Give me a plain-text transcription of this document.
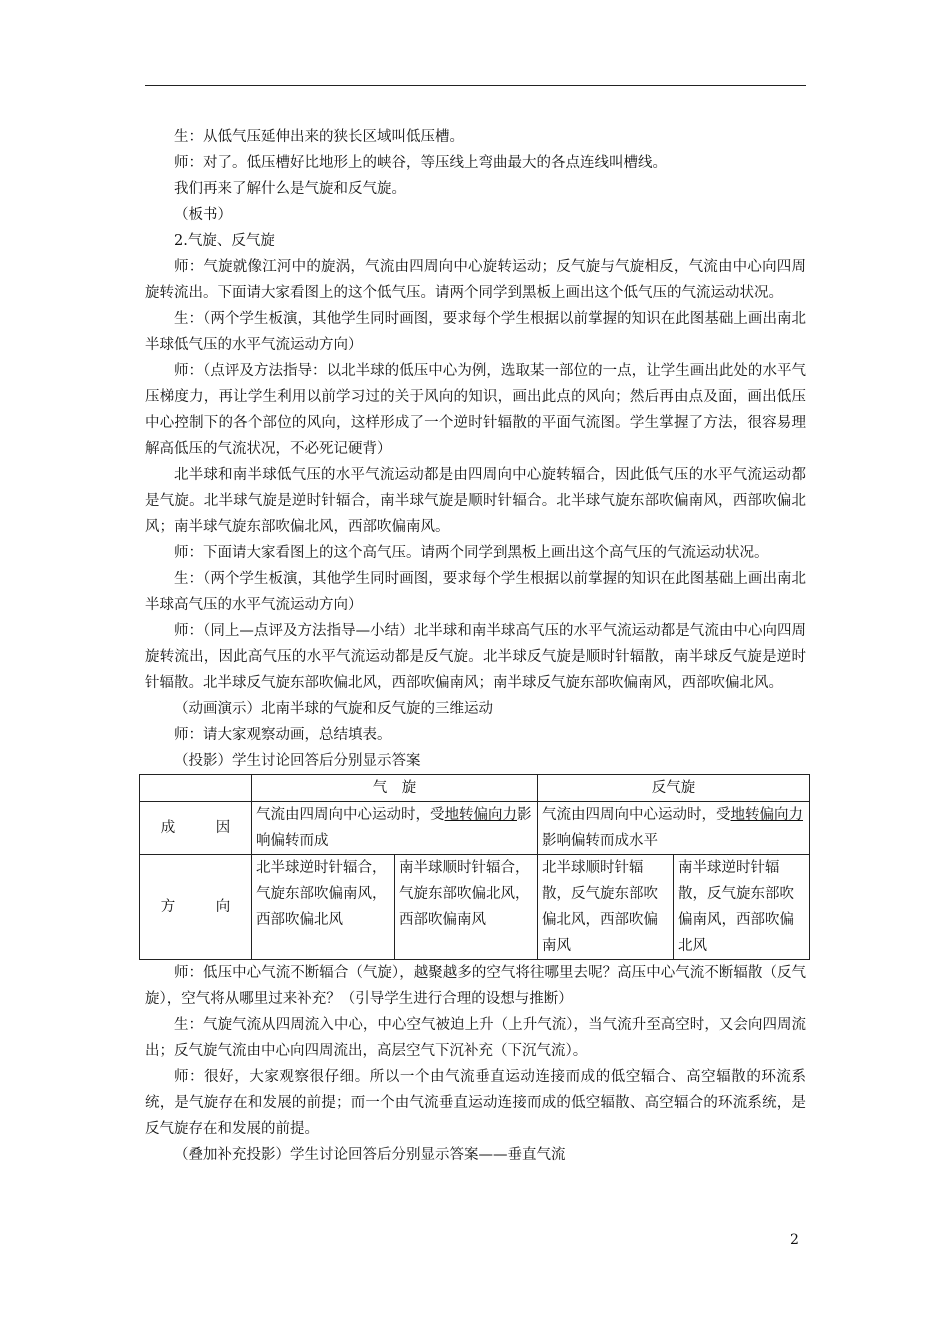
生：从低气压延伸出来的狭长区域叫低压槽。

师：对了。低压槽好比地形上的峡谷，等压线上弯曲最大的各点连线叫槽线。

我们再来了解什么是气旋和反气旋。

（板书）

2.气旋、反气旋

师：气旋就像江河中的旋涡，气流由四周向中心旋转运动；反气旋与气旋相反，气流由中心向四周旋转流出。下面请大家看图上的这个低气压。请两个同学到黑板上画出这个低气压的气流运动状况。

生：（两个学生板演，其他学生同时画图，要求每个学生根据以前掌握的知识在此图基础上画出南北半球低气压的水平气流运动方向）

师：（点评及方法指导：以北半球的低压中心为例，选取某一部位的一点，让学生画出此处的水平气压梯度力，再让学生利用以前学习过的关于风向的知识，画出此点的风向；然后再由点及面，画出低压中心控制下的各个部位的风向，这样形成了一个逆时针辐散的平面气流图。学生掌握了方法，很容易理解高低压的气流状况，不必死记硬背）

北半球和南半球低气压的水平气流运动都是由四周向中心旋转辐合，因此低气压的水平气流运动都是气旋。北半球气旋是逆时针辐合，南半球气旋是顺时针辐合。北半球气旋东部吹偏南风，西部吹偏北风；南半球气旋东部吹偏北风，西部吹偏南风。

师：下面请大家看图上的这个高气压。请两个同学到黑板上画出这个高气压的气流运动状况。

生：（两个学生板演，其他学生同时画图，要求每个学生根据以前掌握的知识在此图基础上画出南北半球高气压的水平气流运动方向）

师：（同上—点评及方法指导—小结）北半球和南半球高气压的水平气流运动都是气流由中心向四周旋转流出，因此高气压的水平气流运动都是反气旋。北半球反气旋是顺时针辐散，南半球反气旋是逆时针辐散。北半球反气旋东部吹偏北风，西部吹偏南风；南半球反气旋东部吹偏南风，西部吹偏北风。

（动画演示）北南半球的气旋和反气旋的三维运动

师：请大家观察动画，总结填表。

（投影）学生讨论回答后分别显示答案

	气　旋		反气旋	
成　因	气流由四周向中心运动时，受地转偏向力影响偏转而成		气流由四周向中心运动时，受地转偏向力影响偏转而成水平	
方　向	北半球逆时针辐合，气旋东部吹偏南风，西部吹偏北风	南半球顺时针辐合，气旋东部吹偏北风，西部吹偏南风	北半球顺时针辐散，反气旋东部吹偏北风，西部吹偏南风	南半球逆时针辐散，反气旋东部吹偏南风，西部吹偏北风

师：低压中心气流不断辐合（气旋），越聚越多的空气将往哪里去呢？高压中心气流不断辐散（反气旋），空气将从哪里过来补充？（引导学生进行合理的设想与推断）

生：气旋气流从四周流入中心，中心空气被迫上升（上升气流），当气流升至高空时，又会向四周流出；反气旋气流由中心向四周流出，高层空气下沉补充（下沉气流）。

师：很好，大家观察很仔细。所以一个由气流垂直运动连接而成的低空辐合、高空辐散的环流系统，是气旋存在和发展的前提；而一个由气流垂直运动连接而成的低空辐散、高空辐合的环流系统，是反气旋存在和发展的前提。

（叠加补充投影）学生讨论回答后分别显示答案——垂直气流

2
